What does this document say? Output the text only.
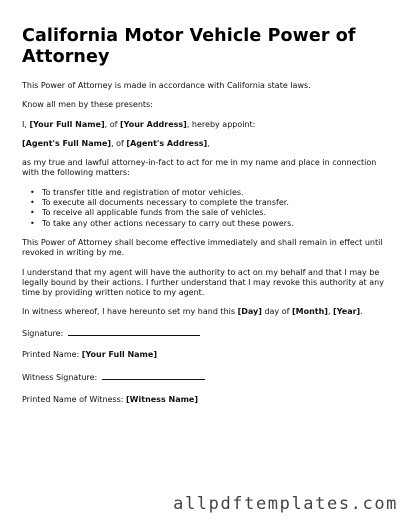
California Motor Vehicle Power of Attorney

This Power of Attorney is made in accordance with California state laws.

Know all men by these presents:

I, [Your Full Name], of [Your Address], hereby appoint:

[Agent's Full Name], of [Agent's Address],

as my true and lawful attorney-in-fact to act for me in my name and place in connection with the following matters:

• To transfer title and registration of motor vehicles.
• To execute all documents necessary to complete the transfer.
• To receive all applicable funds from the sale of vehicles.
• To take any other actions necessary to carry out these powers.

This Power of Attorney shall become effective immediately and shall remain in effect until revoked in writing by me.

I understand that my agent will have the authority to act on my behalf and that I may be legally bound by their actions. I further understand that I may revoke this authority at any time by providing written notice to my agent.

In witness whereof, I have hereunto set my hand this [Day] day of [Month], [Year].

Signature:

Printed Name: [Your Full Name]

Witness Signature:

Printed Name of Witness: [Witness Name]

allpdftemplates.com
